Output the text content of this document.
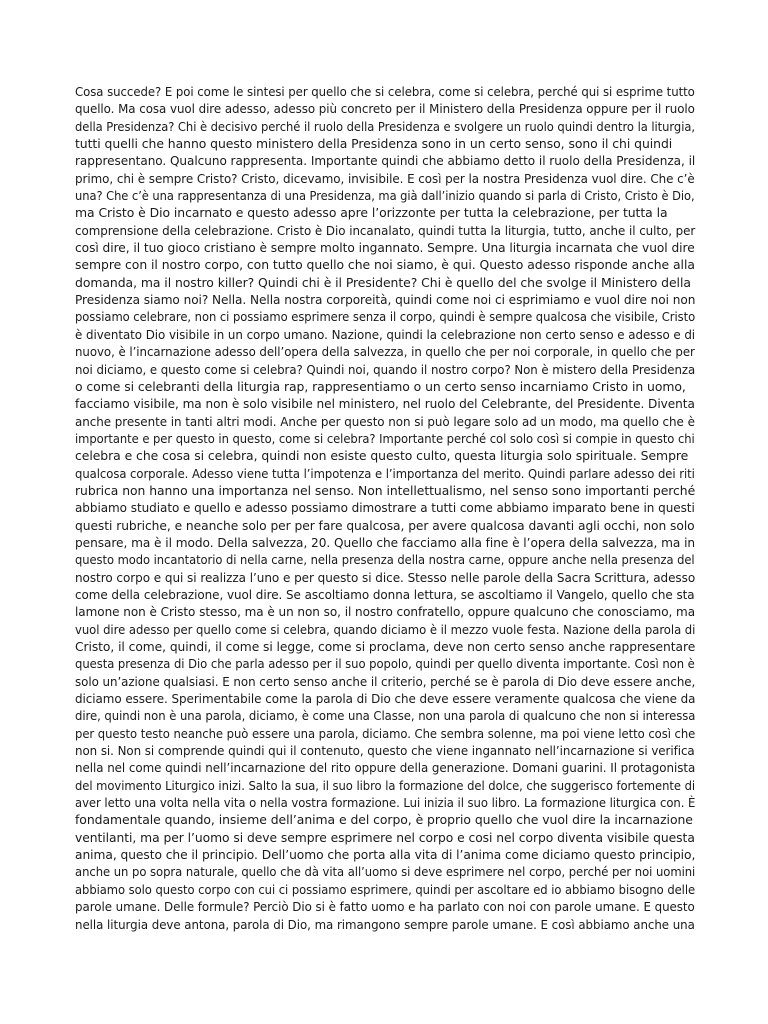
Cosa succede? E poi come le sintesi per quello che si celebra, come si celebra, perché qui si esprime tutto
quello. Ma cosa vuol dire adesso, adesso più concreto per il Ministero della Presidenza oppure per il ruolo
della Presidenza? Chi è decisivo perché il ruolo della Presidenza e svolgere un ruolo quindi dentro la liturgia,
tutti quelli che hanno questo ministero della Presidenza sono in un certo senso, sono il chi quindi
rappresentano. Qualcuno rappresenta. Importante quindi che abbiamo detto il ruolo della Presidenza, il
primo, chi è sempre Cristo? Cristo, dicevamo, invisibile. E così per la nostra Presidenza vuol dire. Che c’è
una? Che c’è una rappresentanza di una Presidenza, ma già dall’inizio quando si parla di Cristo, Cristo è Dio,
ma Cristo è Dio incarnato e questo adesso apre l’orizzonte per tutta la celebrazione, per tutta la
comprensione della celebrazione. Cristo è Dio incanalato, quindi tutta la liturgia, tutto, anche il culto, per
così dire, il tuo gioco cristiano è sempre molto ingannato. Sempre. Una liturgia incarnata che vuol dire
sempre con il nostro corpo, con tutto quello che noi siamo, è qui. Questo adesso risponde anche alla
domanda, ma il nostro killer? Quindi chi è il Presidente? Chi è quello del che svolge il Ministero della
Presidenza siamo noi? Nella. Nella nostra corporeità, quindi come noi ci esprimiamo e vuol dire noi non
possiamo celebrare, non ci possiamo esprimere senza il corpo, quindi è sempre qualcosa che visibile, Cristo
è diventato Dio visibile in un corpo umano. Nazione, quindi la celebrazione non certo senso e adesso e di
nuovo, è l’incarnazione adesso dell’opera della salvezza, in quello che per noi corporale, in quello che per
noi diciamo, e questo come si celebra? Quindi noi, quando il nostro corpo? Non è mistero della Presidenza
o come si celebranti della liturgia rap, rappresentiamo o un certo senso incarniamo Cristo in uomo,
facciamo visibile, ma non è solo visibile nel ministero, nel ruolo del Celebrante, del Presidente. Diventa
anche presente in tanti altri modi. Anche per questo non si può legare solo ad un modo, ma quello che è
importante e per questo in questo, come si celebra? Importante perché col solo così si compie in questo chi
celebra e che cosa si celebra, quindi non esiste questo culto, questa liturgia solo spirituale. Sempre
qualcosa corporale. Adesso viene tutta l’impotenza e l’importanza del merito. Quindi parlare adesso dei riti
rubrica non hanno una importanza nel senso. Non intellettualismo, nel senso sono importanti perché
abbiamo studiato e quello e adesso possiamo dimostrare a tutti come abbiamo imparato bene in questi
questi rubriche, e neanche solo per per fare qualcosa, per avere qualcosa davanti agli occhi, non solo
pensare, ma è il modo. Della salvezza, 20. Quello che facciamo alla fine è l’opera della salvezza, ma in
questo modo incantatorio di nella carne, nella presenza della nostra carne, oppure anche nella presenza del
nostro corpo e qui si realizza l’uno e per questo si dice. Stesso nelle parole della Sacra Scrittura, adesso
come della celebrazione, vuol dire. Se ascoltiamo donna lettura, se ascoltiamo il Vangelo, quello che sta
lamone non è Cristo stesso, ma è un non so, il nostro confratello, oppure qualcuno che conosciamo, ma
vuol dire adesso per quello come si celebra, quando diciamo è il mezzo vuole festa. Nazione della parola di
Cristo, il come, quindi, il come si legge, come si proclama, deve non certo senso anche rappresentare
questa presenza di Dio che parla adesso per il suo popolo, quindi per quello diventa importante. Così non è
solo un’azione qualsiasi. E non certo senso anche il criterio, perché se è parola di Dio deve essere anche,
diciamo essere. Sperimentabile come la parola di Dio che deve essere veramente qualcosa che viene da
dire, quindi non è una parola, diciamo, è come una Classe, non una parola di qualcuno che non si interessa
per questo testo neanche può essere una parola, diciamo. Che sembra solenne, ma poi viene letto così che
non si. Non si comprende quindi qui il contenuto, questo che viene ingannato nell’incarnazione si verifica
nella nel come quindi nell’incarnazione del rito oppure della generazione. Domani guarini. Il protagonista
del movimento Liturgico inizi. Salto la sua, il suo libro la formazione del dolce, che suggerisco fortemente di
aver letto una volta nella vita o nella vostra formazione. Lui inizia il suo libro. La formazione liturgica con. È
fondamentale quando, insieme dell’anima e del corpo, è proprio quello che vuol dire la incarnazione
ventilanti, ma per l’uomo si deve sempre esprimere nel corpo e cosi nel corpo diventa visibile questa
anima, questo che il principio. Dell’uomo che porta alla vita di l’anima come diciamo questo principio,
anche un po sopra naturale, quello che dà vita all’uomo si deve esprimere nel corpo, perché per noi uomini
abbiamo solo questo corpo con cui ci possiamo esprimere, quindi per ascoltare ed io abbiamo bisogno delle
parole umane. Delle formule? Perciò Dio si è fatto uomo e ha parlato con noi con parole umane. E questo
nella liturgia deve antona, parola di Dio, ma rimangono sempre parole umane. E così abbiamo anche una
